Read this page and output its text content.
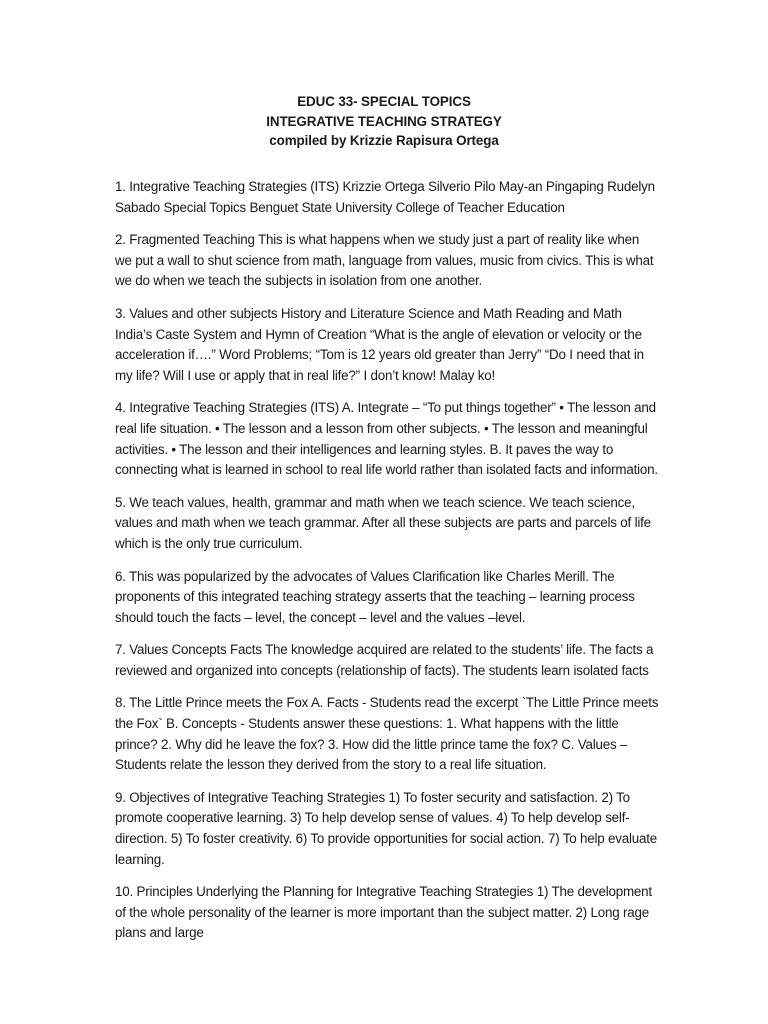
EDUC 33- SPECIAL TOPICS

INTEGRATIVE TEACHING STRATEGY

compiled by Krizzie Rapisura Ortega

1. Integrative Teaching Strategies (ITS) Krizzie Ortega Silverio Pilo May-an Pingaping Rudelyn Sabado Special Topics Benguet State University College of Teacher Education

2. Fragmented Teaching This is what happens when we study just a part of reality like when we put a wall to shut science from math, language from values, music from civics. This is what we do when we teach the subjects in isolation from one another.

3. Values and other subjects History and Literature Science and Math Reading and Math India’s Caste System and Hymn of Creation “What is the angle of elevation or velocity or the acceleration if….” Word Problems; “Tom is 12 years old greater than Jerry” “Do I need that in my life? Will I use or apply that in real life?” I don’t know! Malay ko!

4. Integrative Teaching Strategies (ITS) A. Integrate – “To put things together” • The lesson and real life situation. • The lesson and a lesson from other subjects. • The lesson and meaningful activities. • The lesson and their intelligences and learning styles. B. It paves the way to connecting what is learned in school to real life world rather than isolated facts and information.

5. We teach values, health, grammar and math when we teach science. We teach science, values and math when we teach grammar. After all these subjects are parts and parcels of life which is the only true curriculum.

6. This was popularized by the advocates of Values Clarification like Charles Merill. The proponents of this integrated teaching strategy asserts that the teaching – learning process should touch the facts – level, the concept – level and the values –level.

7. Values Concepts Facts The knowledge acquired are related to the students’ life. The facts a reviewed and organized into concepts (relationship of facts). The students learn isolated facts

8. The Little Prince meets the Fox A. Facts - Students read the excerpt `The Little Prince meets the Fox` B. Concepts - Students answer these questions: 1. What happens with the little prince? 2. Why did he leave the fox? 3. How did the little prince tame the fox? C. Values – Students relate the lesson they derived from the story to a real life situation.

9. Objectives of Integrative Teaching Strategies 1) To foster security and satisfaction. 2) To promote cooperative learning. 3) To help develop sense of values. 4) To help develop self-direction. 5) To foster creativity. 6) To provide opportunities for social action. 7) To help evaluate learning.

10. Principles Underlying the Planning for Integrative Teaching Strategies 1) The development of the whole personality of the learner is more important than the subject matter. 2) Long rage plans and large
